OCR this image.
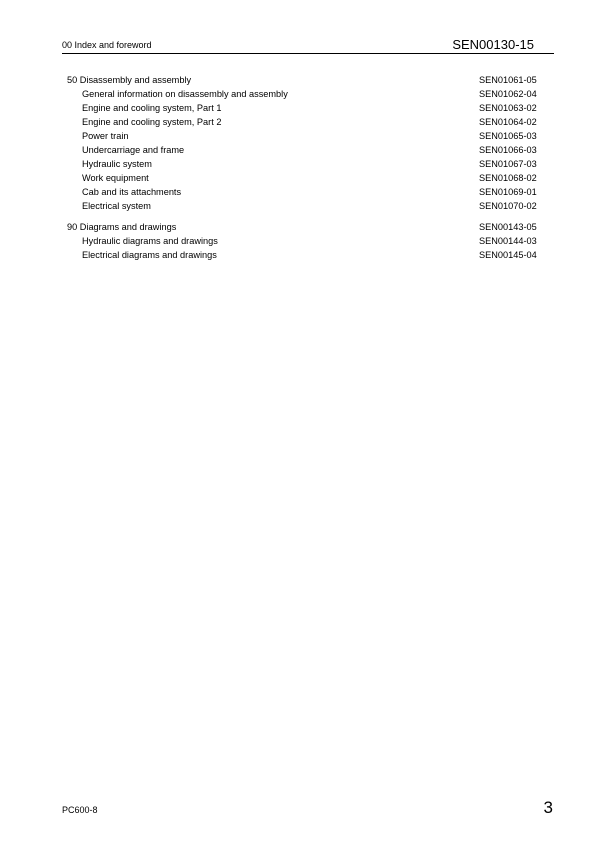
00 Index and foreword	SEN00130-15
50 Disassembly and assembly	SEN01061-05
General information on disassembly and assembly	SEN01062-04
Engine and cooling system, Part 1	SEN01063-02
Engine and cooling system, Part 2	SEN01064-02
Power train	SEN01065-03
Undercarriage and frame	SEN01066-03
Hydraulic system	SEN01067-03
Work equipment	SEN01068-02
Cab and its attachments	SEN01069-01
Electrical system	SEN01070-02
90 Diagrams and drawings	SEN00143-05
Hydraulic diagrams and drawings	SEN00144-03
Electrical diagrams and drawings	SEN00145-04
PC600-8	3
